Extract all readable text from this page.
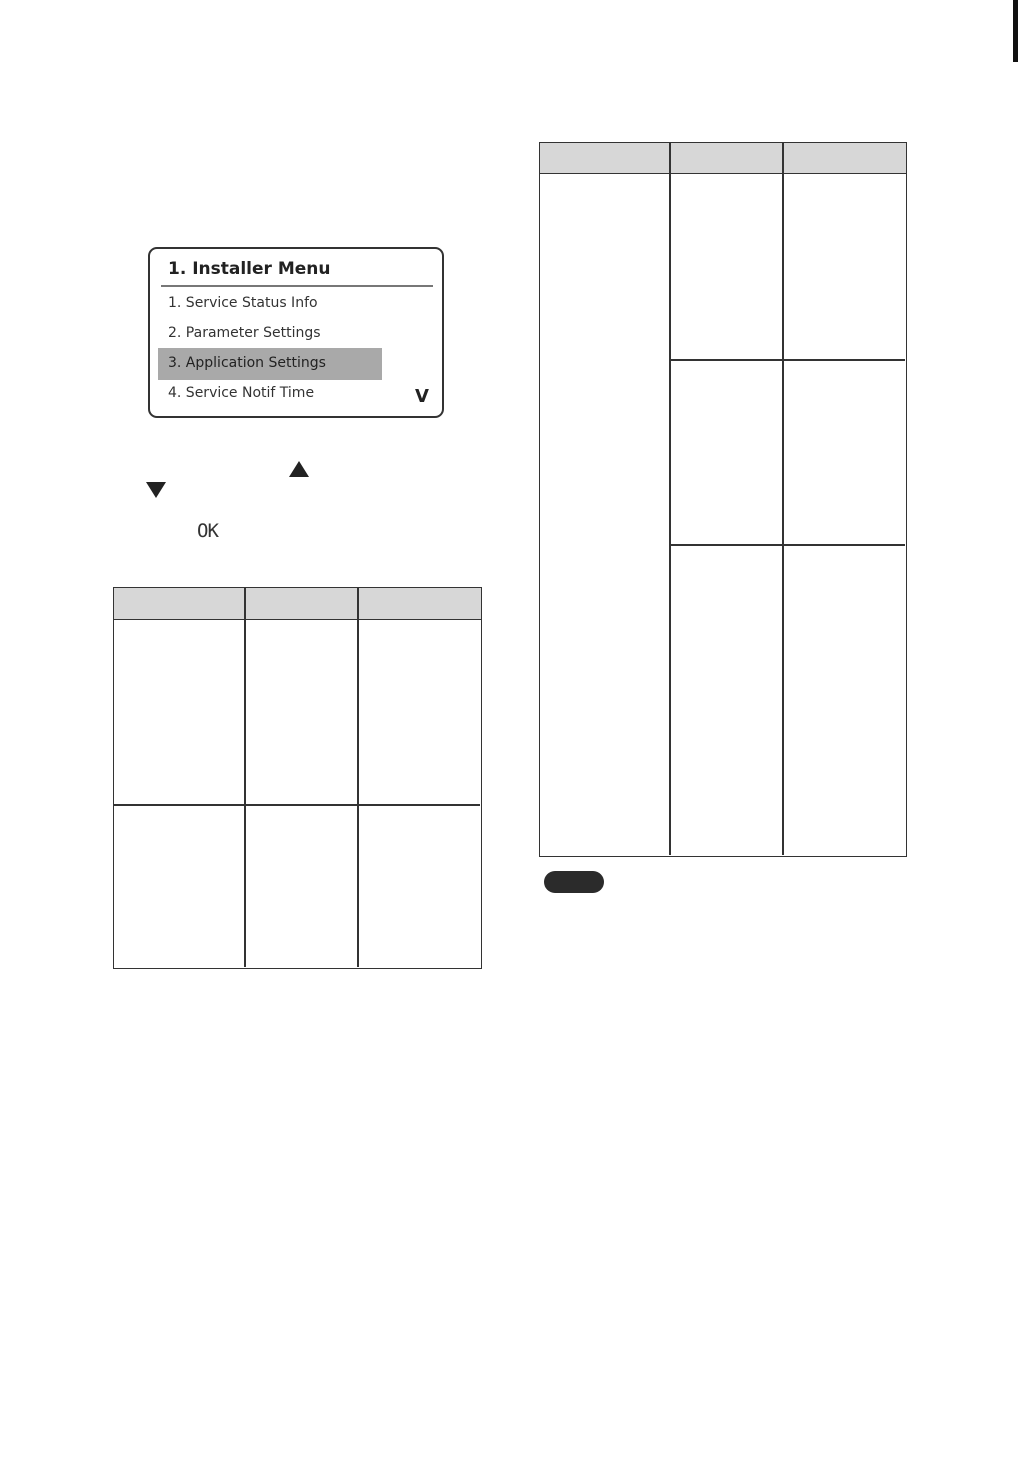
1. Installer Menu
1. Service Status Info
2. Parameter Settings
3. Application Settings
4. Service Notif Time	V
OK
